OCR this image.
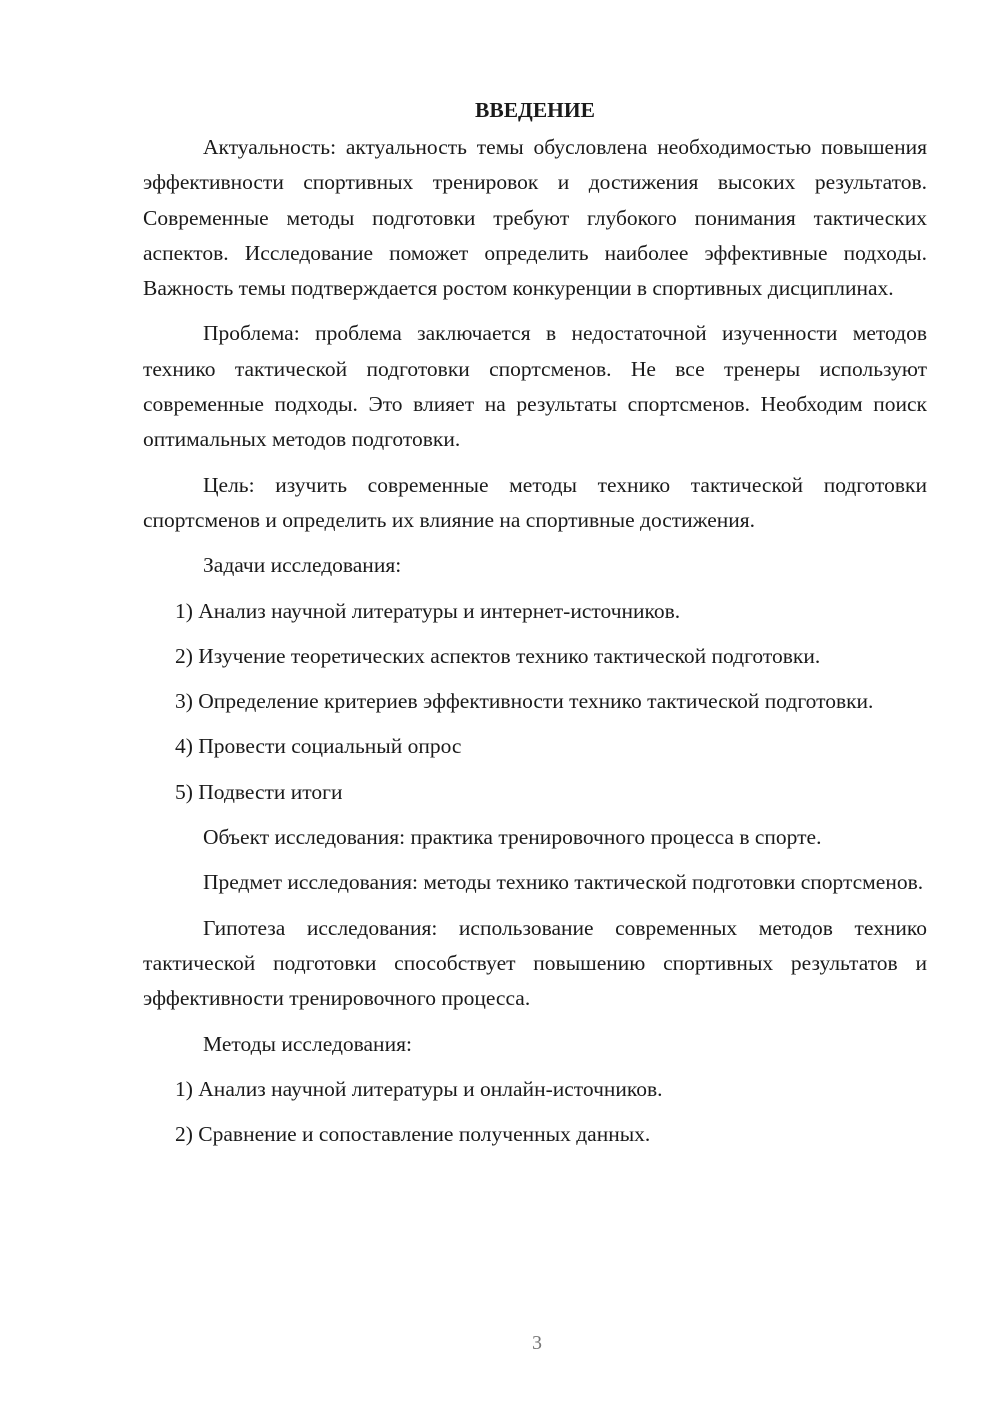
ВВЕДЕНИЕ

Актуальность: актуальность темы обусловлена необходимостью повышения эффективности спортивных тренировок и достижения высоких результатов. Современные методы подготовки требуют глубокого понимания тактических аспектов. Исследование поможет определить наиболее эффективные подходы. Важность темы подтверждается ростом конкуренции в спортивных дисциплинах.

Проблема: проблема заключается в недостаточной изученности методов технико тактической подготовки спортсменов. Не все тренеры используют современные подходы. Это влияет на результаты спортсменов. Необходим поиск оптимальных методов подготовки.

Цель: изучить современные методы технико тактической подготовки спортсменов и определить их влияние на спортивные достижения.

Задачи исследования:

1) Анализ научной литературы и интернет-источников.

2) Изучение теоретических аспектов технико тактической подготовки.

3) Определение критериев эффективности технико тактической подготовки.

4) Провести социальный опрос

5) Подвести итоги

Объект исследования: практика тренировочного процесса в спорте.

Предмет исследования: методы технико тактической подготовки спортсменов.

Гипотеза исследования: использование современных методов технико тактической подготовки способствует повышению спортивных результатов и эффективности тренировочного процесса.

Методы исследования:

1) Анализ научной литературы и онлайн-источников.

2) Сравнение и сопоставление полученных данных.

3
